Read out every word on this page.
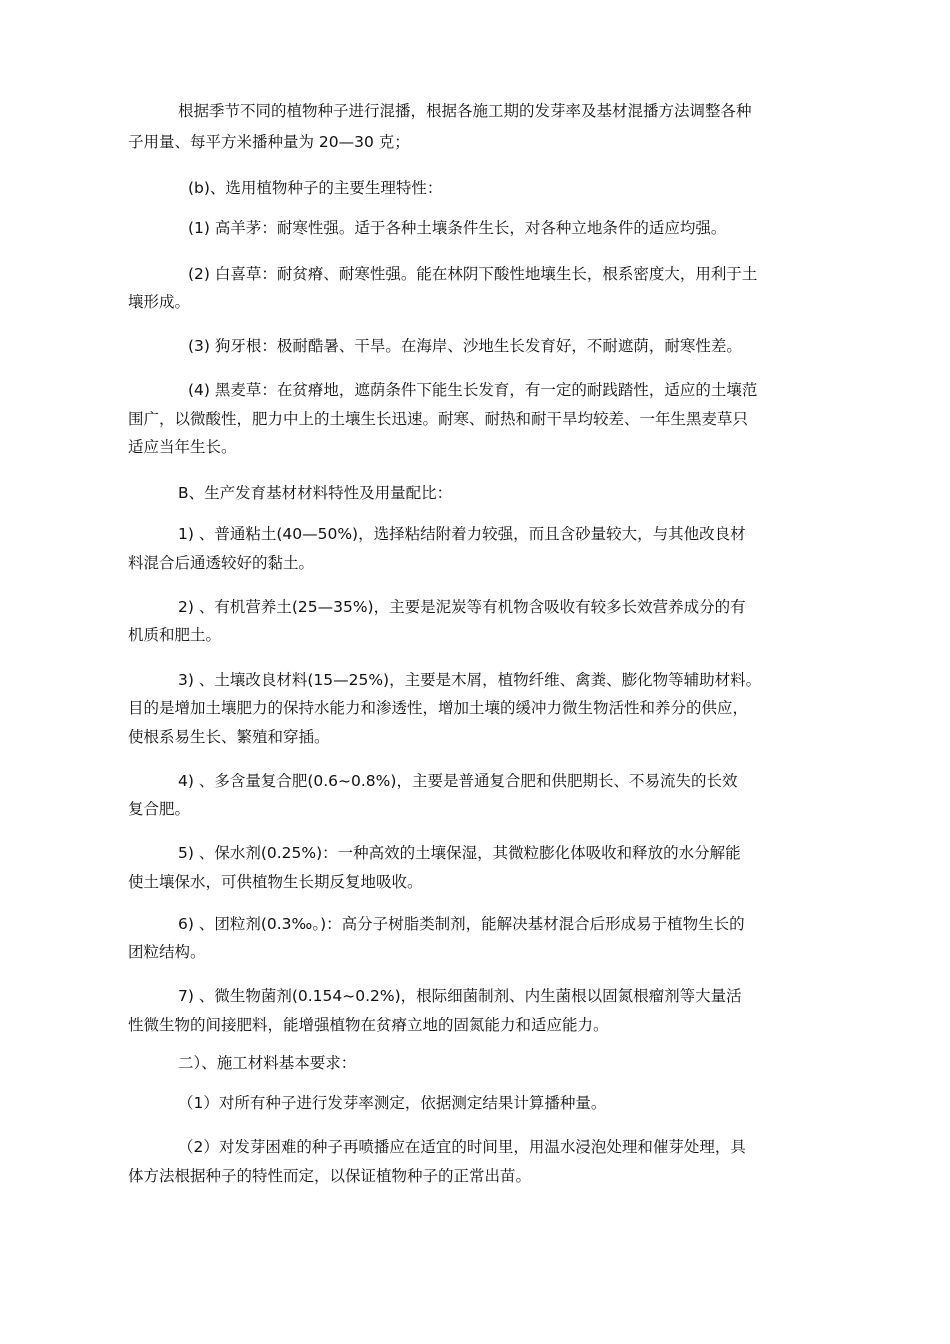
根据季节不同的植物种子进行混播，根据各施工期的发芽率及基材混播方法调整各种
子用量、每平方米播种量为 20—30 克；
(b)、选用植物种子的主要生理特性：
(1) 高羊茅：耐寒性强。适于各种土壤条件生长，对各种立地条件的适应均强。
(2) 白喜草：耐贫瘠、耐寒性强。能在林阴下酸性地壤生长，根系密度大，用利于土
壤形成。
(3) 狗牙根：极耐酷暑、干旱。在海岸、沙地生长发育好，不耐遮荫，耐寒性差。
(4) 黑麦草：在贫瘠地，遮荫条件下能生长发育，有一定的耐践踏性，适应的土壤范
围广，以微酸性，肥力中上的土壤生长迅速。耐寒、耐热和耐干旱均较差、一年生黑麦草只
适应当年生长。
B、生产发育基材材料特性及用量配比：
1) 、普通粘土(40—50%)，选择粘结附着力较强，而且含砂量较大，与其他改良材
料混合后通透较好的黏土。
2) 、有机营养土(25—35%)，主要是泥炭等有机物含吸收有较多长效营养成分的有
机质和肥土。
3) 、土壤改良材料(15—25%)，主要是木屑，植物纤维、禽粪、膨化物等辅助材料。
目的是增加土壤肥力的保持水能力和渗透性，增加土壤的缓冲力微生物活性和养分的供应，
使根系易生长、繁殖和穿插。
4) 、多含量复合肥(0.6~0.8%)，主要是普通复合肥和供肥期长、不易流失的长效
复合肥。
5) 、保水剂(0.25%)：一种高效的土壤保湿，其微粒膨化体吸收和释放的水分解能
使土壤保水，可供植物生长期反复地吸收。
6) 、团粒剂(0.3‰。)：高分子树脂类制剂，能解决基材混合后形成易于植物生长的
团粒结构。
7) 、微生物菌剂(0.154~0.2%)，根际细菌制剂、内生菌根以固氮根瘤剂等大量活
性微生物的间接肥料，能增强植物在贫瘠立地的固氮能力和适应能力。
二）、施工材料基本要求：
（1）对所有种子进行发芽率测定，依据测定结果计算播种量。
（2）对发芽困难的种子再喷播应在适宜的时间里，用温水浸泡处理和催芽处理，具
体方法根据种子的特性而定，以保证植物种子的正常出苗。
